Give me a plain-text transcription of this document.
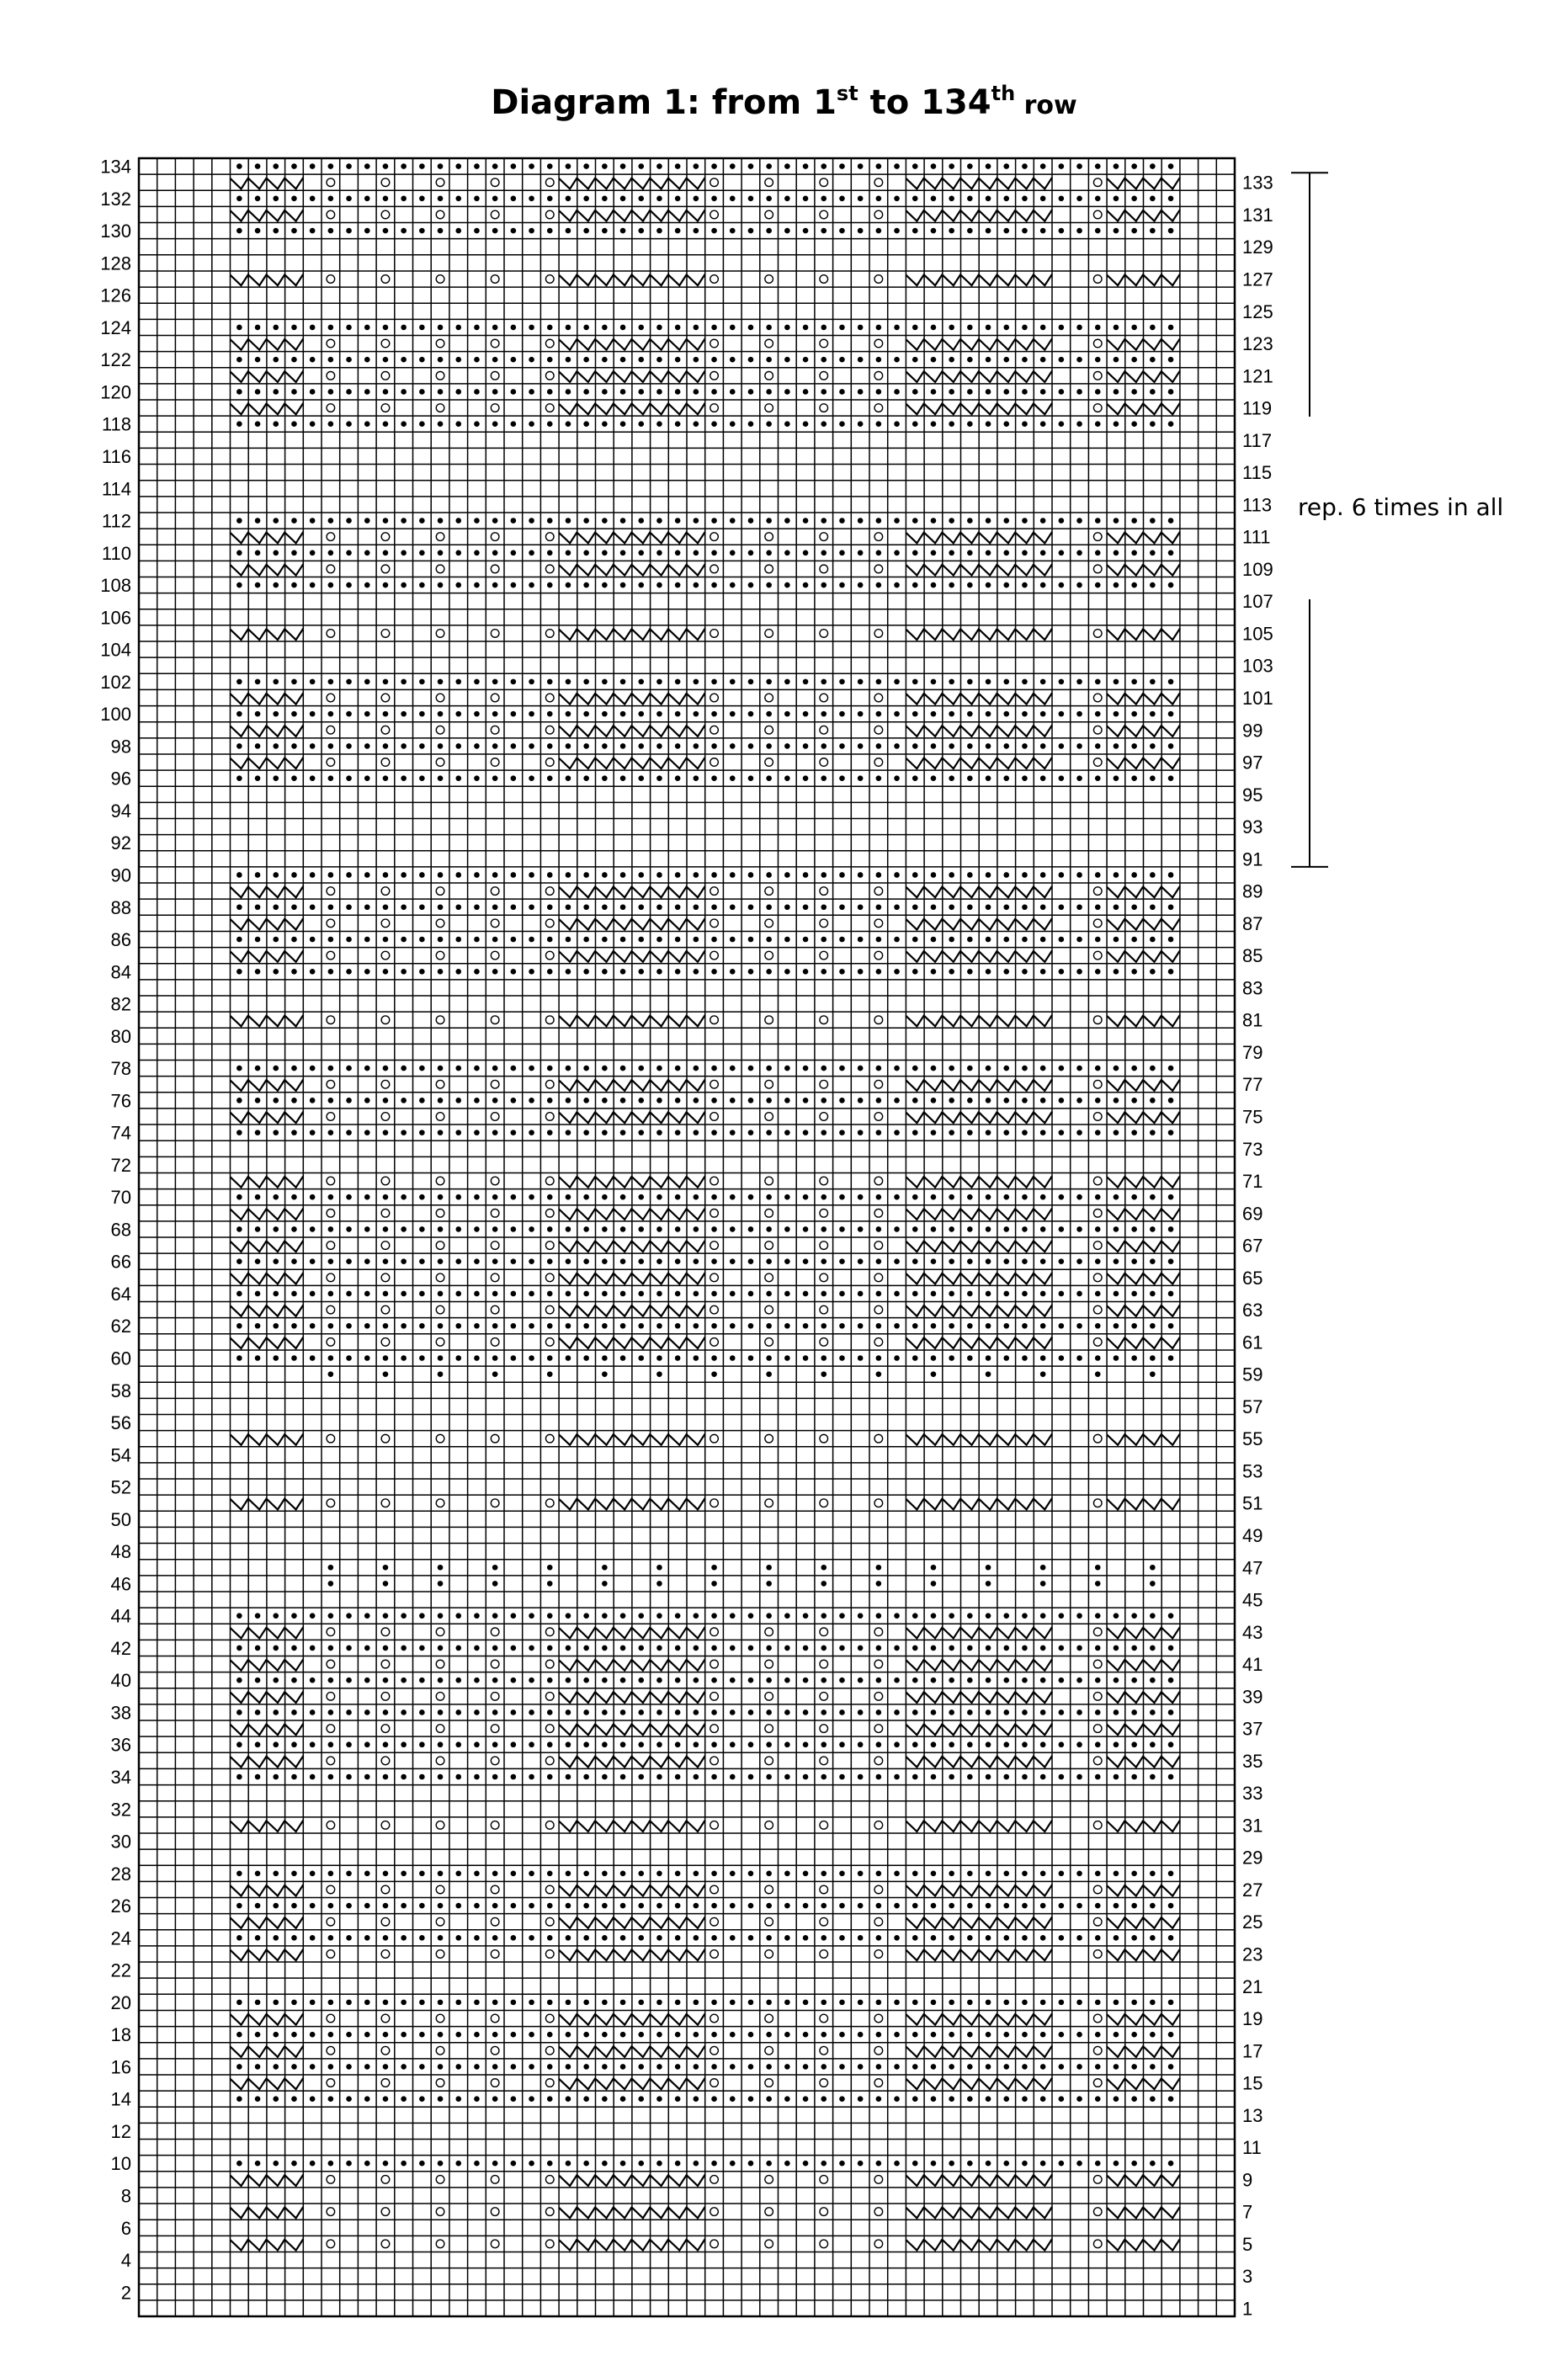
Diagram 1: from 1st to 134th row
2
4
6
8
10
12
14
16
18
20
22
24
26
28
30
32
34
36
38
40
42
44
46
48
50
52
54
56
58
60
62
64
66
68
70
72
74
76
78
80
82
84
86
88
90
92
94
96
98
100
102
104
106
108
110
112
114
116
118
120
122
124
126
128
130
132
134
1
3
5
7
9
11
13
15
17
19
21
23
25
27
29
31
33
35
37
39
41
43
45
47
49
51
53
55
57
59
61
63
65
67
69
71
73
75
77
79
81
83
85
87
89
91
93
95
97
99
101
103
105
107
109
111
113
115
117
119
121
123
125
127
129
131
133
rep. 6 times in all
